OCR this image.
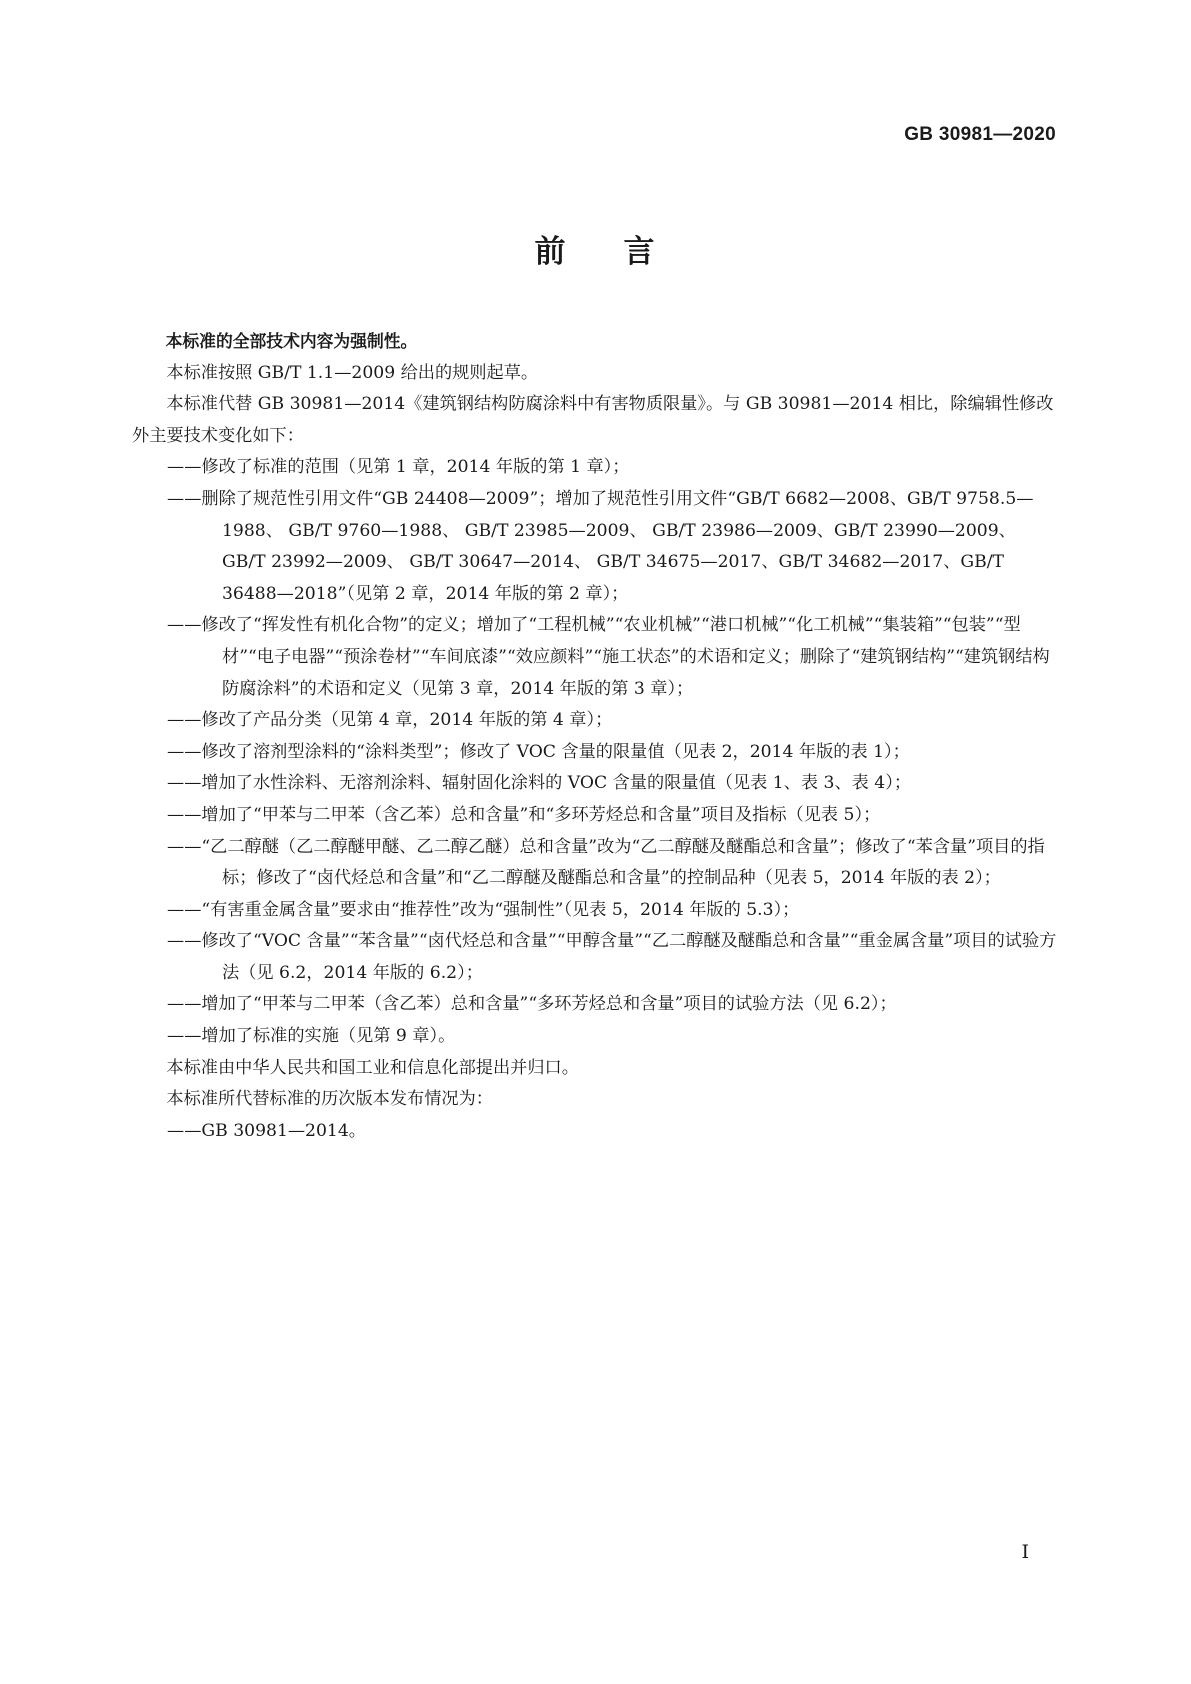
GB 30981—2020
前 言

本标准的全部技术内容为强制性。

本标准按照 GB/T 1.1—2009 给出的规则起草。

本标准代替 GB 30981—2014《建筑钢结构防腐涂料中有害物质限量》。与 GB 30981—2014 相比，除编辑性修改外主要技术变化如下：

——修改了标准的范围（见第 1 章，2014 年版的第 1 章）；

——删除了规范性引用文件“GB 24408—2009”；增加了规范性引用文件“GB/T 6682—2008、GB/T 9758.5—1988、 GB/T 9760—1988、 GB/T 23985—2009、 GB/T 23986—2009、GB/T 23990—2009、 GB/T 23992—2009、 GB/T 30647—2014、 GB/T 34675—2017、GB/T 34682—2017、GB/T 36488—2018”（见第 2 章，2014 年版的第 2 章）；

——修改了“挥发性有机化合物”的定义；增加了“工程机械”“农业机械”“港口机械”“化工机械”“集装箱”“包装”“型材”“电子电器”“预涂卷材”“车间底漆”“效应颜料”“施工状态”的术语和定义；删除了“建筑钢结构”“建筑钢结构防腐涂料”的术语和定义（见第 3 章，2014 年版的第 3 章）；

——修改了产品分类（见第 4 章，2014 年版的第 4 章）；

——修改了溶剂型涂料的“涂料类型”；修改了 VOC 含量的限量值（见表 2，2014 年版的表 1）；

——增加了水性涂料、无溶剂涂料、辐射固化涂料的 VOC 含量的限量值（见表 1、表 3、表 4）；

——增加了“甲苯与二甲苯（含乙苯）总和含量”和“多环芳烃总和含量”项目及指标（见表 5）；

——“乙二醇醚（乙二醇醚甲醚、乙二醇乙醚）总和含量”改为“乙二醇醚及醚酯总和含量”；修改了“苯含量”项目的指标；修改了“卤代烃总和含量”和“乙二醇醚及醚酯总和含量”的控制品种（见表 5，2014 年版的表 2）；

——“有害重金属含量”要求由“推荐性”改为“强制性”（见表 5，2014 年版的 5.3）；

——修改了“VOC 含量”“苯含量”“卤代烃总和含量”“甲醇含量”“乙二醇醚及醚酯总和含量”“重金属含量”项目的试验方法（见 6.2，2014 年版的 6.2）；

——增加了“甲苯与二甲苯（含乙苯）总和含量”“多环芳烃总和含量”项目的试验方法（见 6.2）；

——增加了标准的实施（见第 9 章）。

本标准由中华人民共和国工业和信息化部提出并归口。

本标准所代替标准的历次版本发布情况为：

——GB 30981—2014。

I
